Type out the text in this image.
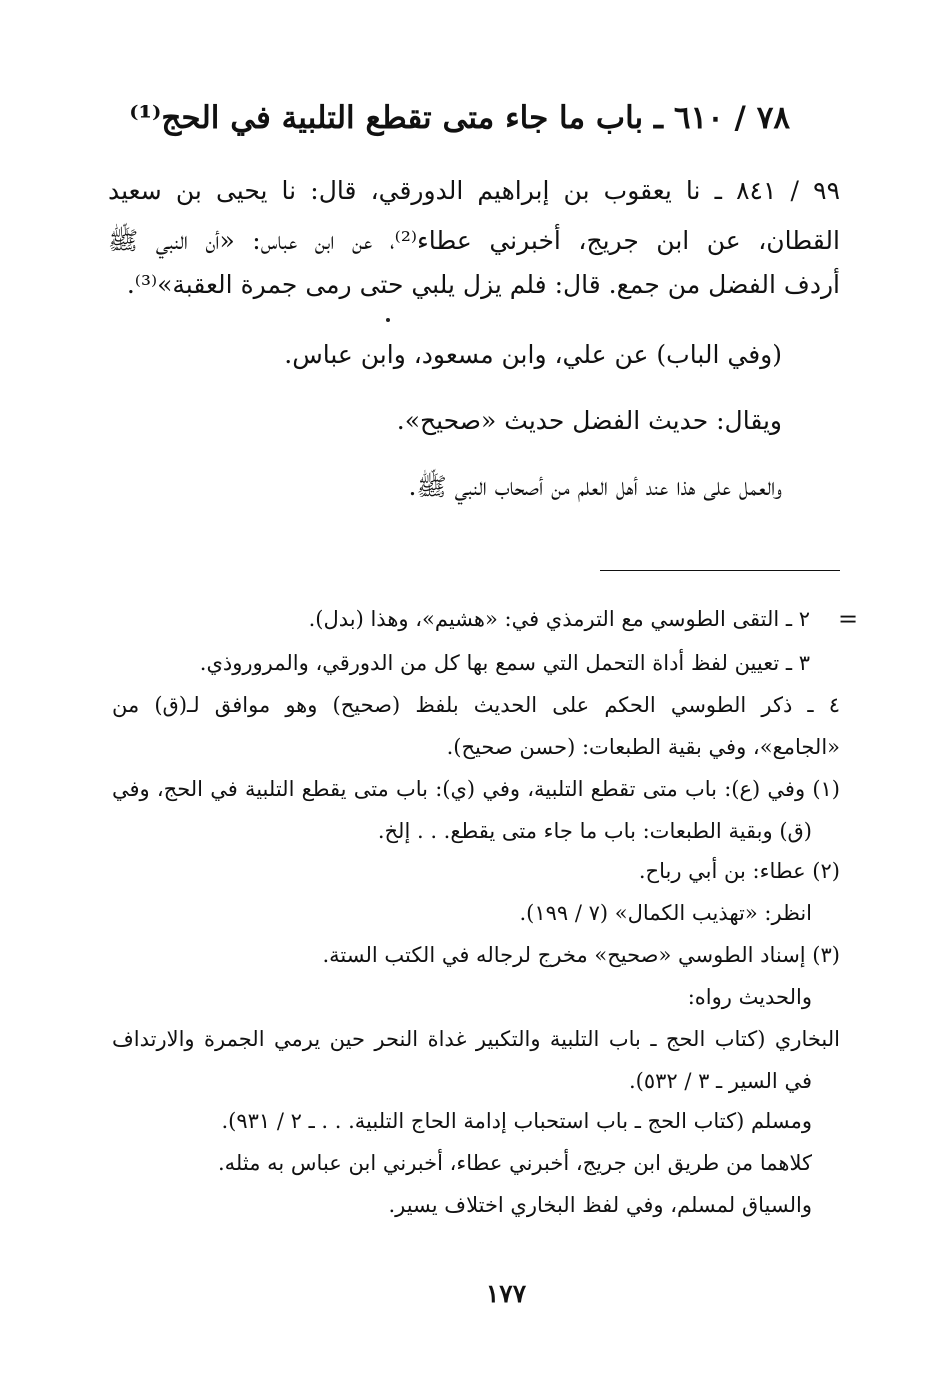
٧٨ / ٦١٠ ـ باب ما جاء متى تقطع التلبية في الحج⁽¹⁾
٩٩ / ٨٤١ ـ نا يعقوب بن إبراهيم الدورقي، قال: نا يحيى بن سعيد
القطان، عن ابن جريج، أخبرني عطاء⁽²⁾، عن ابن عباس: «أن النبي ﷺ
أردف الفضل من جمع. قال: فلم يزل يلبي حتى رمى جمرة العقبة»⁽³⁾.
(وفي الباب) عن علي، وابن مسعود، وابن عباس.
ويقال: حديث الفضل حديث «صحيح».
والعمل على هذا عند أهل العلم من أصحاب النبي ﷺ.
=
٢ ـ التقى الطوسي مع الترمذي في: «هشيم»، وهذا (بدل).
٣ ـ تعيين لفظ أداة التحمل التي سمع بها كل من الدورقي، والمروروذي.
٤ ـ ذكر الطوسي الحكم على الحديث بلفظ (صحيح) وهو موافق لـ(ق) من
«الجامع»، وفي بقية الطبعات: (حسن صحيح).
(١) وفي (ع): باب متى تقطع التلبية، وفي (ي): باب متى يقطع التلبية في الحج، وفي
(ق) وبقية الطبعات: باب ما جاء متى يقطع. . . إلخ.
(٢) عطاء: بن أبي رباح.
انظر: «تهذيب الكمال» (٧ / ١٩٩).
(٣) إسناد الطوسي «صحيح» مخرج لرجاله في الكتب الستة.
والحديث رواه:
البخاري (كتاب الحج ـ باب التلبية والتكبير غداة النحر حين يرمي الجمرة والارتداف
في السير ـ ٣ / ٥٣٢).
ومسلم (كتاب الحج ـ باب استحباب إدامة الحاج التلبية. . . ـ ٢ / ٩٣١).
كلاهما من طريق ابن جريج، أخبرني عطاء، أخبرني ابن عباس به مثله.
والسياق لمسلم، وفي لفظ البخاري اختلاف يسير.
١٧٧
